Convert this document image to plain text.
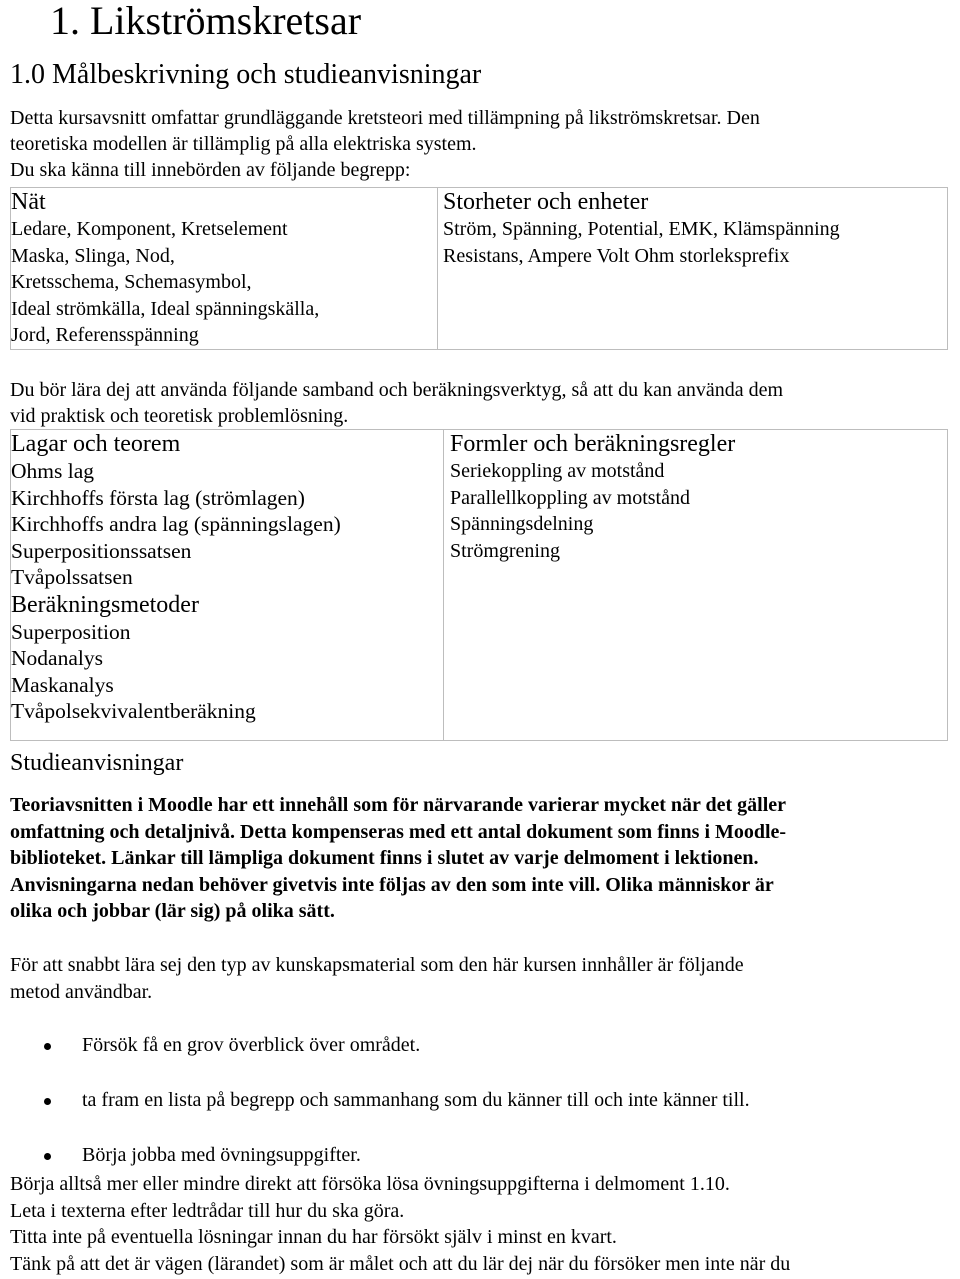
1. Likströmskretsar
1.0 Målbeskrivning och studieanvisningar
Detta kursavsnitt omfattar grundläggande kretsteori med tillämpning på likströmskretsar. Den
teoretiska modellen är tillämplig på alla elektriska system.
Du ska känna till innebörden av följande begrepp:
Nät
Ledare, Komponent, Kretselement
Maska, Slinga, Nod,
Kretsschema, Schemasymbol,
Ideal strömkälla, Ideal spänningskälla,
Jord, Referensspänning

Storheter och enheter
Ström, Spänning, Potential, EMK, Klämspänning
Resistans, Ampere Volt Ohm storleksprefix
Du bör lära dej att använda följande samband och beräkningsverktyg, så att du kan använda dem
vid praktisk och teoretisk problemlösning.
Lagar och teorem
Ohms lag
Kirchhoffs första lag (strömlagen)
Kirchhoffs andra lag (spänningslagen)
Superpositionssatsen
Tvåpolssatsen
Beräkningsmetoder
Superposition
Nodanalys
Maskanalys
Tvåpolsekvivalentberäkning

Formler och beräkningsregler
Seriekoppling av motstånd
Parallellkoppling av motstånd
Spänningsdelning
Strömgrening
Studieanvisningar
Teoriavsnitten i Moodle har ett innehåll som för närvarande varierar mycket när det gäller
omfattning och detaljnivå. Detta kompenseras med ett antal dokument som finns i Moodle-
biblioteket. Länkar till lämpliga dokument finns i slutet av varje delmoment i lektionen.
Anvisningarna nedan behöver givetvis inte följas av den som inte vill. Olika människor är
olika och jobbar (lär sig) på olika sätt.
För att snabbt lära sej den typ av kunskapsmaterial som den här kursen innhåller är följande
metod användbar.
Försök få en grov överblick över området.
ta fram en lista på begrepp och sammanhang som du känner till och inte känner till.
Börja jobba med övningsuppgifter.
Börja alltså mer eller mindre direkt att försöka lösa övningsuppgifterna i delmoment 1.10.
Leta i texterna efter ledtrådar till hur du ska göra.
Titta inte på eventuella lösningar innan du har försökt själv i minst en kvart.
Tänk på att det är vägen (lärandet) som är målet och att du lär dej när du försöker men inte när du
